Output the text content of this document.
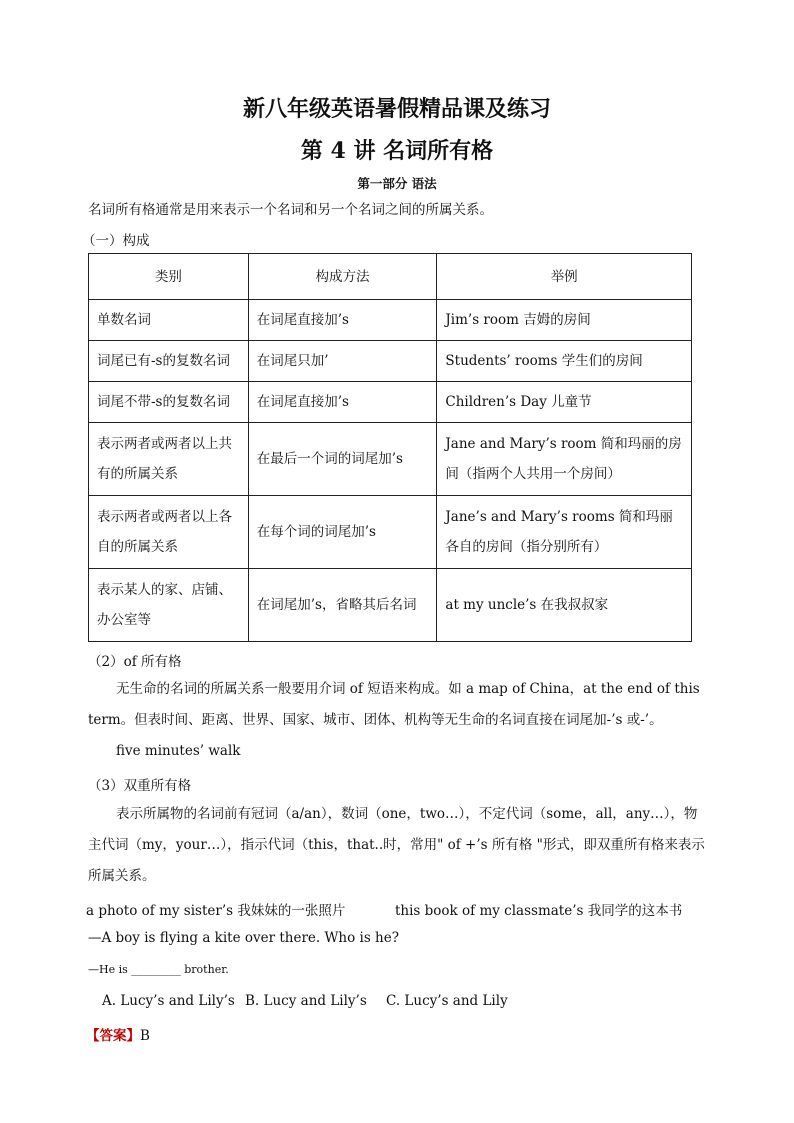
新八年级英语暑假精品课及练习
第 4 讲 名词所有格
第一部分 语法
名词所有格通常是用来表示一个名词和另一个名词之间的所属关系。
（一）构成
类别	构成方法	举例
单数名词	在词尾直接加’s	Jim’s room 吉姆的房间
词尾已有-s的复数名词	在词尾只加’	Students’ rooms 学生们的房间
词尾不带-s的复数名词	在词尾直接加’s	Children’s Day 儿童节
表示两者或两者以上共有的所属关系	在最后一个词的词尾加’s	Jane and Mary’s room 简和玛丽的房间（指两个人共用一个房间）
表示两者或两者以上各自的所属关系	在每个词的词尾加’s	Jane’s and Mary’s rooms 简和玛丽各自的房间（指分别所有）
表示某人的家、店铺、办公室等	在词尾加’s，省略其后名词	at my uncle’s 在我叔叔家
（2）of 所有格
无生命的名词的所属关系一般要用介词 of 短语来构成。如 a map of China，at the end of this term。但表时间、距离、世界、国家、城市、团体、机构等无生命的名词直接在词尾加-’s 或-’。
five minutes’ walk
（3）双重所有格
表示所属物的名词前有冠词（a/an），数词（one，two…），不定代词（some，all，any…），物主代词（my，your…），指示代词（this，that..时，常用" of +’s 所有格 "形式，即双重所有格来表示所属关系。
a photo of my sister’s 我妹妹的一张照片	this book of my classmate’s 我同学的这本书
—A boy is flying a kite over there. Who is he?
—He is _________ brother.
A. Lucy’s and Lily’s B. Lucy and Lily’s C. Lucy’s and Lily
【答案】B
